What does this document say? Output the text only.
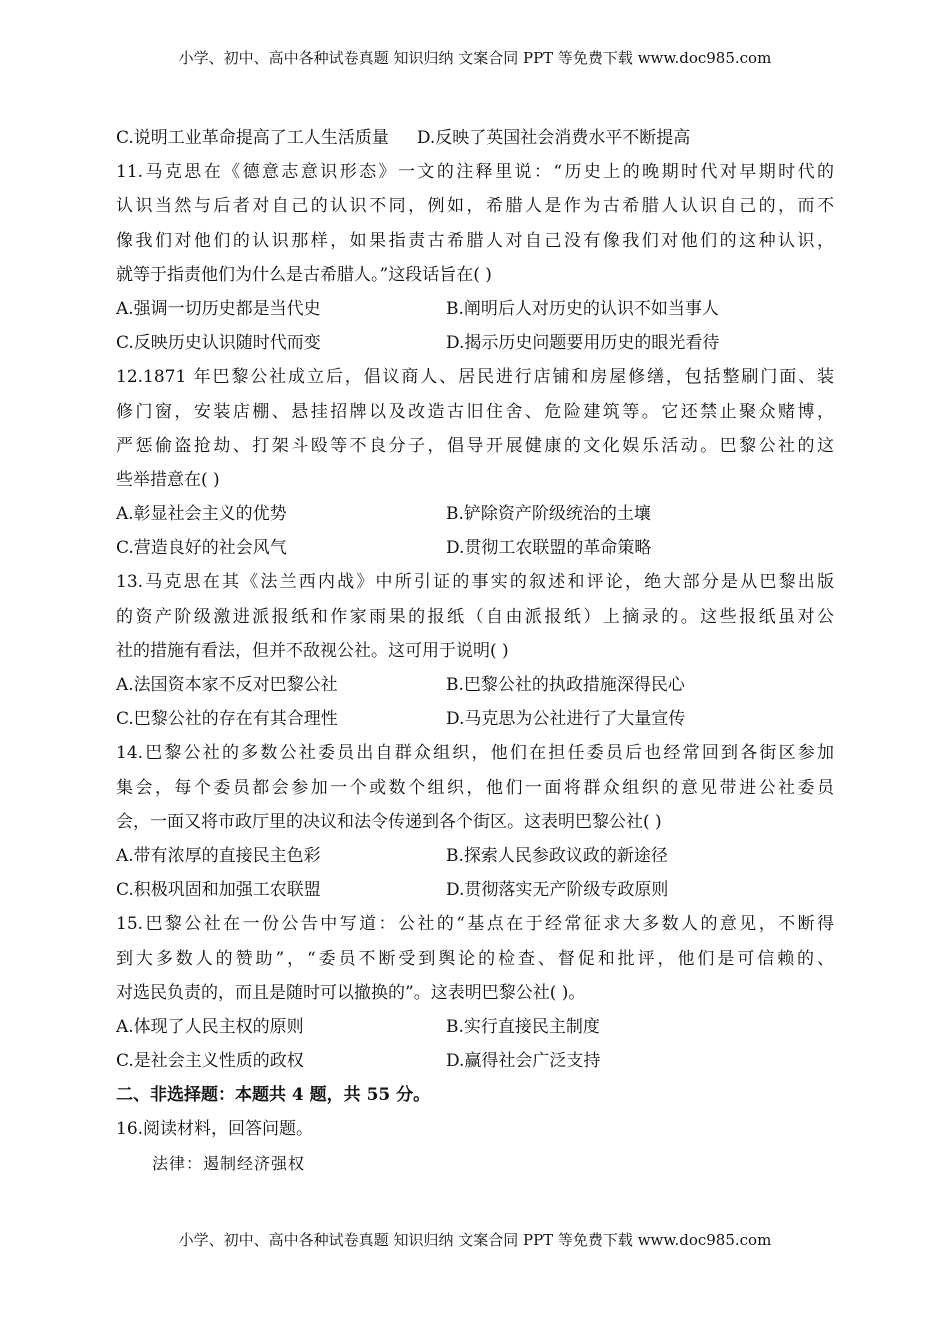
小学、初中、高中各种试卷真题 知识归纳 文案合同 PPT 等免费下载 www.doc985.com
C.说明工业革命提高了工人生活质量 D.反映了英国社会消费水平不断提高
11.马克思在《德意志意识形态》一文的注释里说：“历史上的晚期时代对早期时代的
认识当然与后者对自己的认识不同，例如，希腊人是作为古希腊人认识自己的，而不
像我们对他们的认识那样，如果指责古希腊人对自己没有像我们对他们的这种认识，
就等于指责他们为什么是古希腊人。”这段话旨在( )
A.强调一切历史都是当代史	B.阐明后人对历史的认识不如当事人
C.反映历史认识随时代而变	D.揭示历史问题要用历史的眼光看待
12.1871 年巴黎公社成立后，倡议商人、居民进行店铺和房屋修缮，包括整刷门面、装
修门窗，安装店棚、悬挂招牌以及改造古旧住舍、危险建筑等。它还禁止聚众赌博，
严惩偷盗抢劫、打架斗殴等不良分子，倡导开展健康的文化娱乐活动。巴黎公社的这
些举措意在( )
A.彰显社会主义的优势	B.铲除资产阶级统治的土壤
C.营造良好的社会风气	D.贯彻工农联盟的革命策略
13.马克思在其《法兰西内战》中所引证的事实的叙述和评论，绝大部分是从巴黎出版
的资产阶级激进派报纸和作家雨果的报纸（自由派报纸）上摘录的。这些报纸虽对公
社的措施有看法，但并不敌视公社。这可用于说明( )
A.法国资本家不反对巴黎公社	B.巴黎公社的执政措施深得民心
C.巴黎公社的存在有其合理性	D.马克思为公社进行了大量宣传
14.巴黎公社的多数公社委员出自群众组织，他们在担任委员后也经常回到各街区参加
集会，每个委员都会参加一个或数个组织，他们一面将群众组织的意见带进公社委员
会，一面又将市政厅里的决议和法令传递到各个街区。这表明巴黎公社( )
A.带有浓厚的直接民主色彩	B.探索人民参政议政的新途径
C.积极巩固和加强工农联盟	D.贯彻落实无产阶级专政原则
15.巴黎公社在一份公告中写道：公社的“基点在于经常征求大多数人的意见，不断得
到大多数人的赞助”，“委员不断受到舆论的检查、督促和批评，他们是可信赖的、
对选民负责的，而且是随时可以撤换的”。这表明巴黎公社( )。
A.体现了人民主权的原则	B.实行直接民主制度
C.是社会主义性质的政权	D.赢得社会广泛支持
二、非选择题：本题共 4 题，共 55 分。
16.阅读材料，回答问题。
法律：遏制经济强权
小学、初中、高中各种试卷真题 知识归纳 文案合同 PPT 等免费下载 www.doc985.com
